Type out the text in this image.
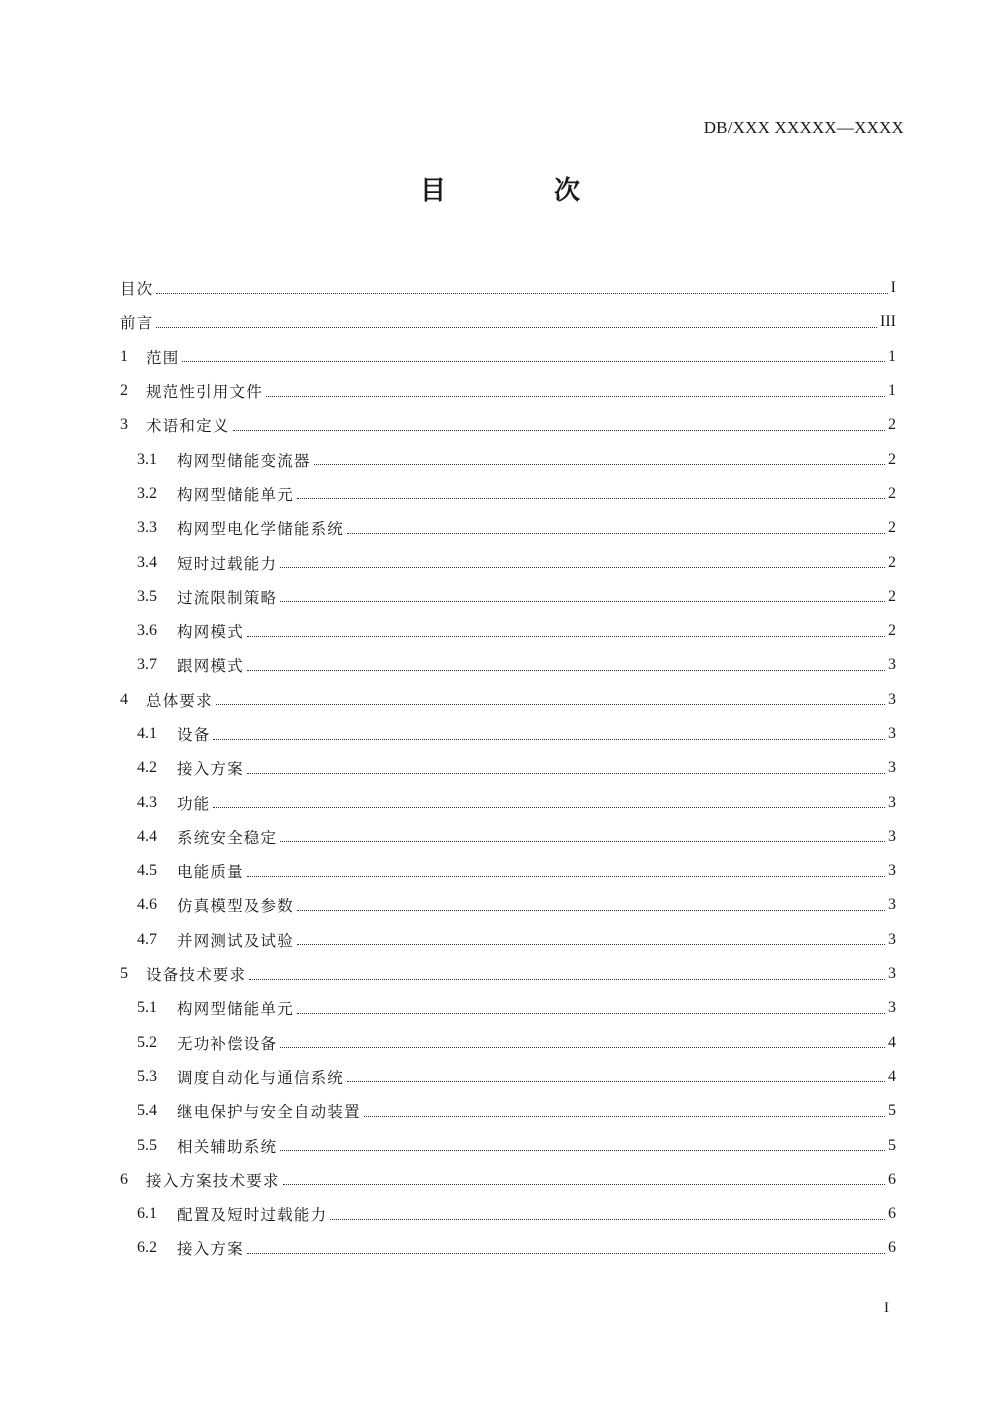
DB/XXX XXXXX—XXXX
目	次
目次	I
前言	III
1	范围	1
2	规范性引用文件	1
3	术语和定义	2
3.1	构网型储能变流器	2
3.2	构网型储能单元	2
3.3	构网型电化学储能系统	2
3.4	短时过载能力	2
3.5	过流限制策略	2
3.6	构网模式	2
3.7	跟网模式	3
4	总体要求	3
4.1	设备	3
4.2	接入方案	3
4.3	功能	3
4.4	系统安全稳定	3
4.5	电能质量	3
4.6	仿真模型及参数	3
4.7	并网测试及试验	3
5	设备技术要求	3
5.1	构网型储能单元	3
5.2	无功补偿设备	4
5.3	调度自动化与通信系统	4
5.4	继电保护与安全自动装置	5
5.5	相关辅助系统	5
6	接入方案技术要求	6
6.1	配置及短时过载能力	6
6.2	接入方案	6
I
